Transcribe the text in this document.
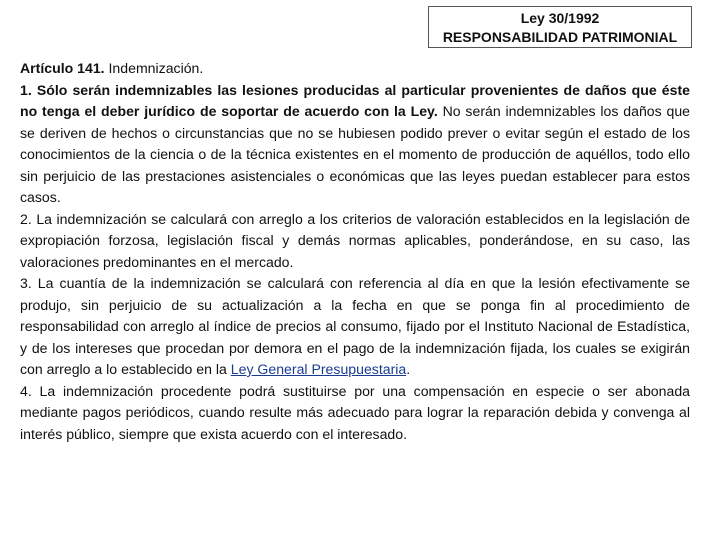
Ley 30/1992
RESPONSABILIDAD PATRIMONIAL

Artículo 141. Indemnización.

1. Sólo serán indemnizables las lesiones producidas al particular provenientes de daños que éste no tenga el deber jurídico de soportar de acuerdo con la Ley. No serán indemnizables los daños que se deriven de hechos o circunstancias que no se hubiesen podido prever o evitar según el estado de los conocimientos de la ciencia o de la técnica existentes en el momento de producción de aquéllos, todo ello sin perjuicio de las prestaciones asistenciales o económicas que las leyes puedan establecer para estos casos.

2. La indemnización se calculará con arreglo a los criterios de valoración establecidos en la legislación de expropiación forzosa, legislación fiscal y demás normas aplicables, ponderándose, en su caso, las valoraciones predominantes en el mercado.

3. La cuantía de la indemnización se calculará con referencia al día en que la lesión efectivamente se produjo, sin perjuicio de su actualización a la fecha en que se ponga fin al procedimiento de responsabilidad con arreglo al índice de precios al consumo, fijado por el Instituto Nacional de Estadística, y de los intereses que procedan por demora en el pago de la indemnización fijada, los cuales se exigirán con arreglo a lo establecido en la Ley General Presupuestaria.

4. La indemnización procedente podrá sustituirse por una compensación en especie o ser abonada mediante pagos periódicos, cuando resulte más adecuado para lograr la reparación debida y convenga al interés público, siempre que exista acuerdo con el interesado.
